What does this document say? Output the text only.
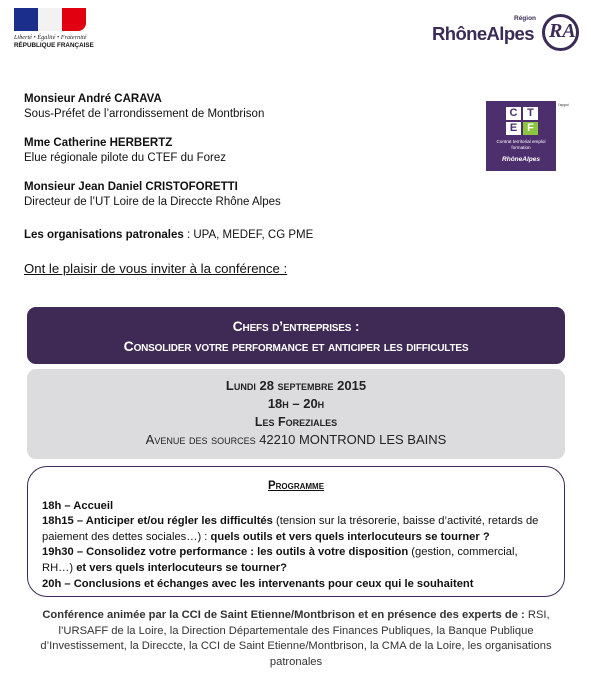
Liberté • Égalité • Fraternité
RÉPUBLIQUE FRANÇAISE
Région
RhôneAlpes RA
C T
E F
Contrat territorial emploi formation
RhôneAlpes
l'appui
Monsieur André CARAVA
Sous-Préfet de l’arrondissement de Montbrison
Mme Catherine HERBERTZ
Elue régionale pilote du CTEF du Forez
Monsieur Jean Daniel CRISTOFORETTI
Directeur de l’UT Loire de la Direccte Rhône Alpes
Les organisations patronales : UPA, MEDEF, CG PME
Ont le plaisir de vous inviter à la conférence :
Chefs d’entreprises :
Consolider votre performance et anticiper les difficultes
Lundi 28 septembre 2015
18h – 20h
Les Foreziales
Avenue des sources 42210 MONTROND LES BAINS
Programme
18h – Accueil
18h15 – Anticiper et/ou régler les difficultés (tension sur la trésorerie, baisse d’activité, retards de paiement des dettes sociales…) : quels outils et vers quels interlocuteurs se tourner ?
19h30 – Consolidez votre performance : les outils à votre disposition (gestion, commercial, RH…) et vers quels interlocuteurs se tourner?
20h – Conclusions et échanges avec les intervenants pour ceux qui le souhaitent
Conférence animée par la CCI de Saint Etienne/Montbrison et en présence des experts de : RSI, l’URSAFF de la Loire, la Direction Départementale des Finances Publiques, la Banque Publique d’Investissement, la Direccte, la CCI de Saint Etienne/Montbrison, la CMA de la Loire, les organisations patronales
